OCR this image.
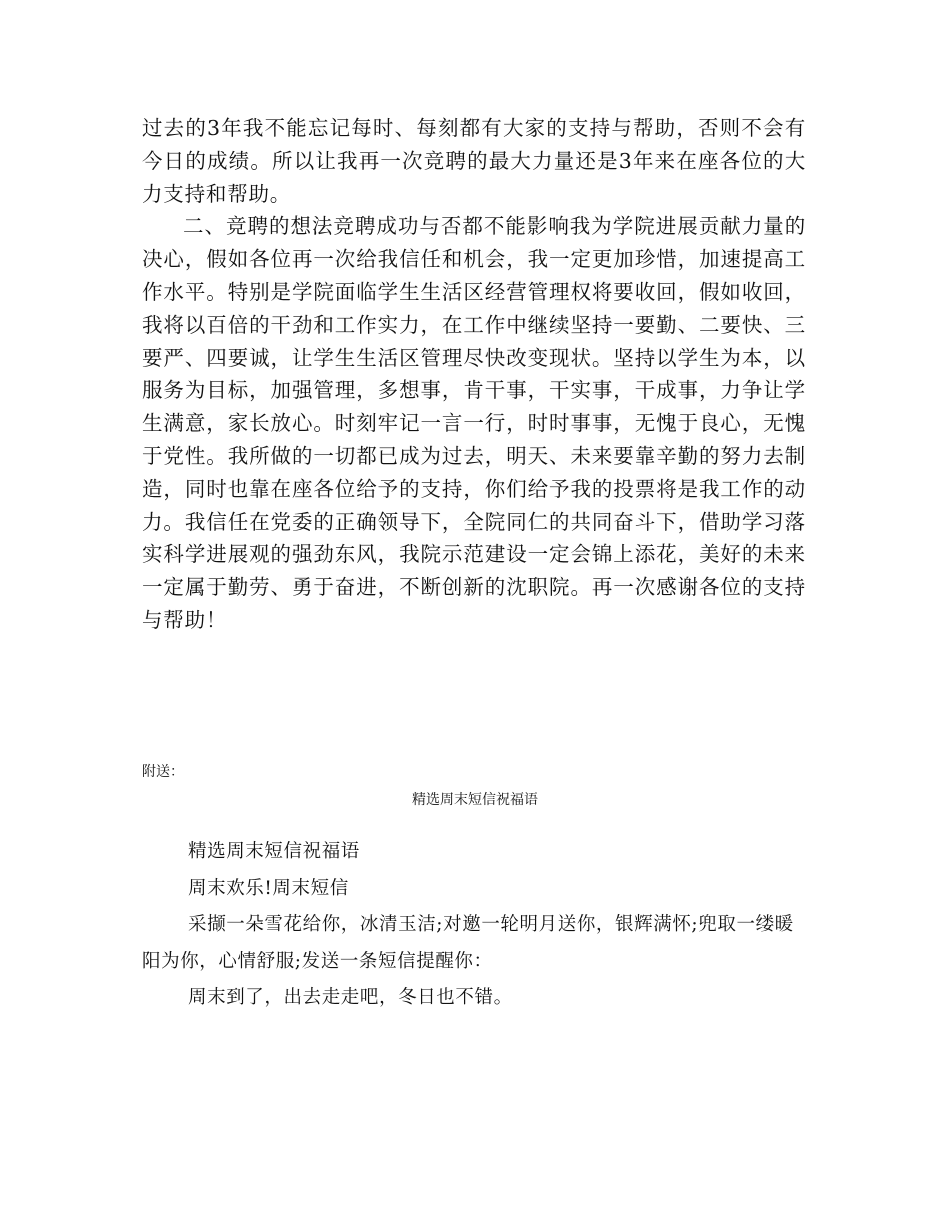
过去的3年我不能忘记每时、每刻都有大家的支持与帮助，否则不会有今日的成绩。所以让我再一次竞聘的最大力量还是3年来在座各位的大力支持和帮助。

二、竞聘的想法竞聘成功与否都不能影响我为学院进展贡献力量的决心，假如各位再一次给我信任和机会，我一定更加珍惜，加速提高工作水平。特别是学院面临学生生活区经营管理权将要收回，假如收回，我将以百倍的干劲和工作实力，在工作中继续坚持一要勤、二要快、三要严、四要诚，让学生生活区管理尽快改变现状。坚持以学生为本，以服务为目标，加强管理，多想事，肯干事，干实事，干成事，力争让学生满意，家长放心。时刻牢记一言一行，时时事事，无愧于良心，无愧于党性。我所做的一切都已成为过去，明天、未来要靠辛勤的努力去制造，同时也靠在座各位给予的支持，你们给予我的投票将是我工作的动力。我信任在党委的正确领导下，全院同仁的共同奋斗下，借助学习落实科学进展观的强劲东风，我院示范建设一定会锦上添花，美好的未来一定属于勤劳、勇于奋进，不断创新的沈职院。再一次感谢各位的支持与帮助！

附送：
精选周末短信祝福语

精选周末短信祝福语

周末欢乐!周末短信

采撷一朵雪花给你，冰清玉洁;对邀一轮明月送你，银辉满怀;兜取一缕暖阳为你，心情舒服;发送一条短信提醒你：

周末到了，出去走走吧，冬日也不错。
